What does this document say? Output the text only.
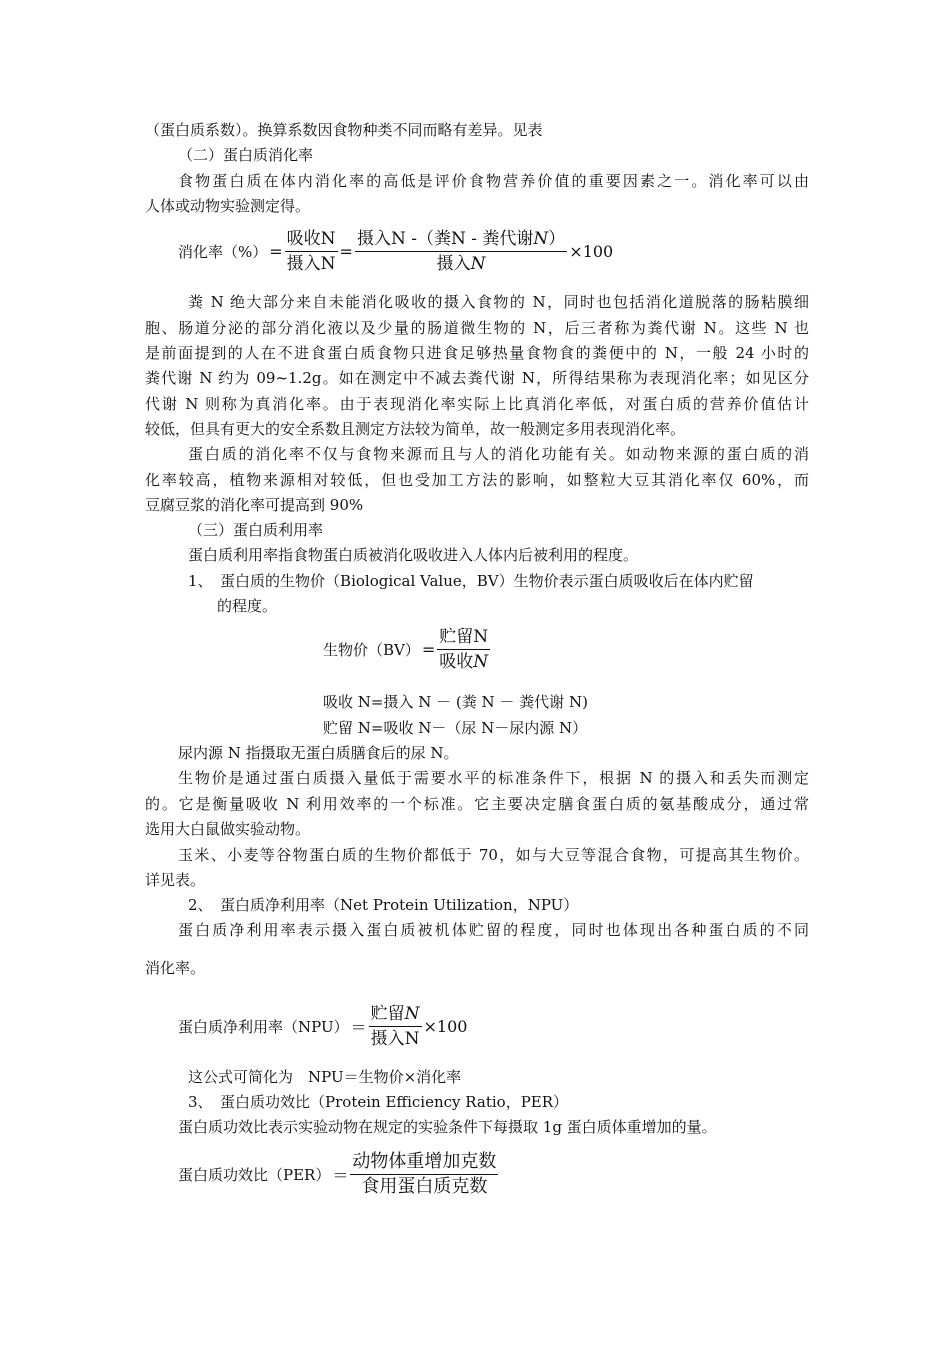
（蛋白质系数）。换算系数因食物种类不同而略有差异。见表
（二）蛋白质消化率
食物蛋白质在体内消化率的高低是评价食物营养价值的重要因素之一。消化率可以由
人体或动物实验测定得。
消化率（%） = $\frac{\text{吸收N}}{\text{摄入N}} = \frac{\text{摄入N -（粪N - 粪代谢N）}}{\text{摄入N}} \times 100$
粪 N 绝大部分来自未能消化吸收的摄入食物的 N，同时也包括消化道脱落的肠粘膜细
胞、肠道分泌的部分消化液以及少量的肠道微生物的 N，后三者称为粪代谢 N。这些 N 也
是前面提到的人在不进食蛋白质食物只进食足够热量食物食的粪便中的 N，一般 24 小时的
粪代谢 N 约为 09~1.2g。如在测定中不减去粪代谢 N，所得结果称为表现消化率；如见区分
代谢 N 则称为真消化率。由于表现消化率实际上比真消化率低，对蛋白质的营养价值估计
较低，但具有更大的安全系数且测定方法较为简单，故一般测定多用表现消化率。
蛋白质的消化率不仅与食物来源而且与人的消化功能有关。如动物来源的蛋白质的消
化率较高，植物来源相对较低，但也受加工方法的影响，如整粒大豆其消化率仅 60%，而
豆腐豆浆的消化率可提高到 90%
（三）蛋白质利用率
蛋白质利用率指食物蛋白质被消化吸收进入人体内后被利用的程度。
1、　蛋白质的生物价（Biological Value，BV）生物价表示蛋白质吸收后在体内贮留
的程度。
生物价$(BV) = \frac{\text{贮留N}}{\text{吸收N}}$
吸收 N=摄入 N － (粪 N － 粪代谢 N)
贮留 N=吸收 N－（尿 N－尿内源 N）
尿内源 N 指摄取无蛋白质膳食后的尿 N。
生物价是通过蛋白质摄入量低于需要水平的标准条件下，根据 N 的摄入和丢失而测定
的。它是衡量吸收 N 利用效率的一个标准。它主要决定膳食蛋白质的氨基酸成分，通过常
选用大白鼠做实验动物。
玉米、小麦等谷物蛋白质的生物价都低于 70，如与大豆等混合食物，可提高其生物价。
详见表。
2、　蛋白质净利用率（Net Protein Utilization，NPU）
蛋白质净利用率表示摄入蛋白质被机体贮留的程度，同时也体现出各种蛋白质的不同
消化率。
蛋白质净利用率$(NPU) = \frac{\text{贮留N}}{\text{摄入N}} \times 100$
这公式可简化为　NPU＝生物价×消化率
3、　蛋白质功效比（Protein Efficiency Ratio，PER）
蛋白质功效比表示实验动物在规定的实验条件下每摄取 1g 蛋白质体重增加的量。
蛋白质功效比$(PER) = \frac{\text{动物体重增加克数}}{\text{食用蛋白质克数}}$
